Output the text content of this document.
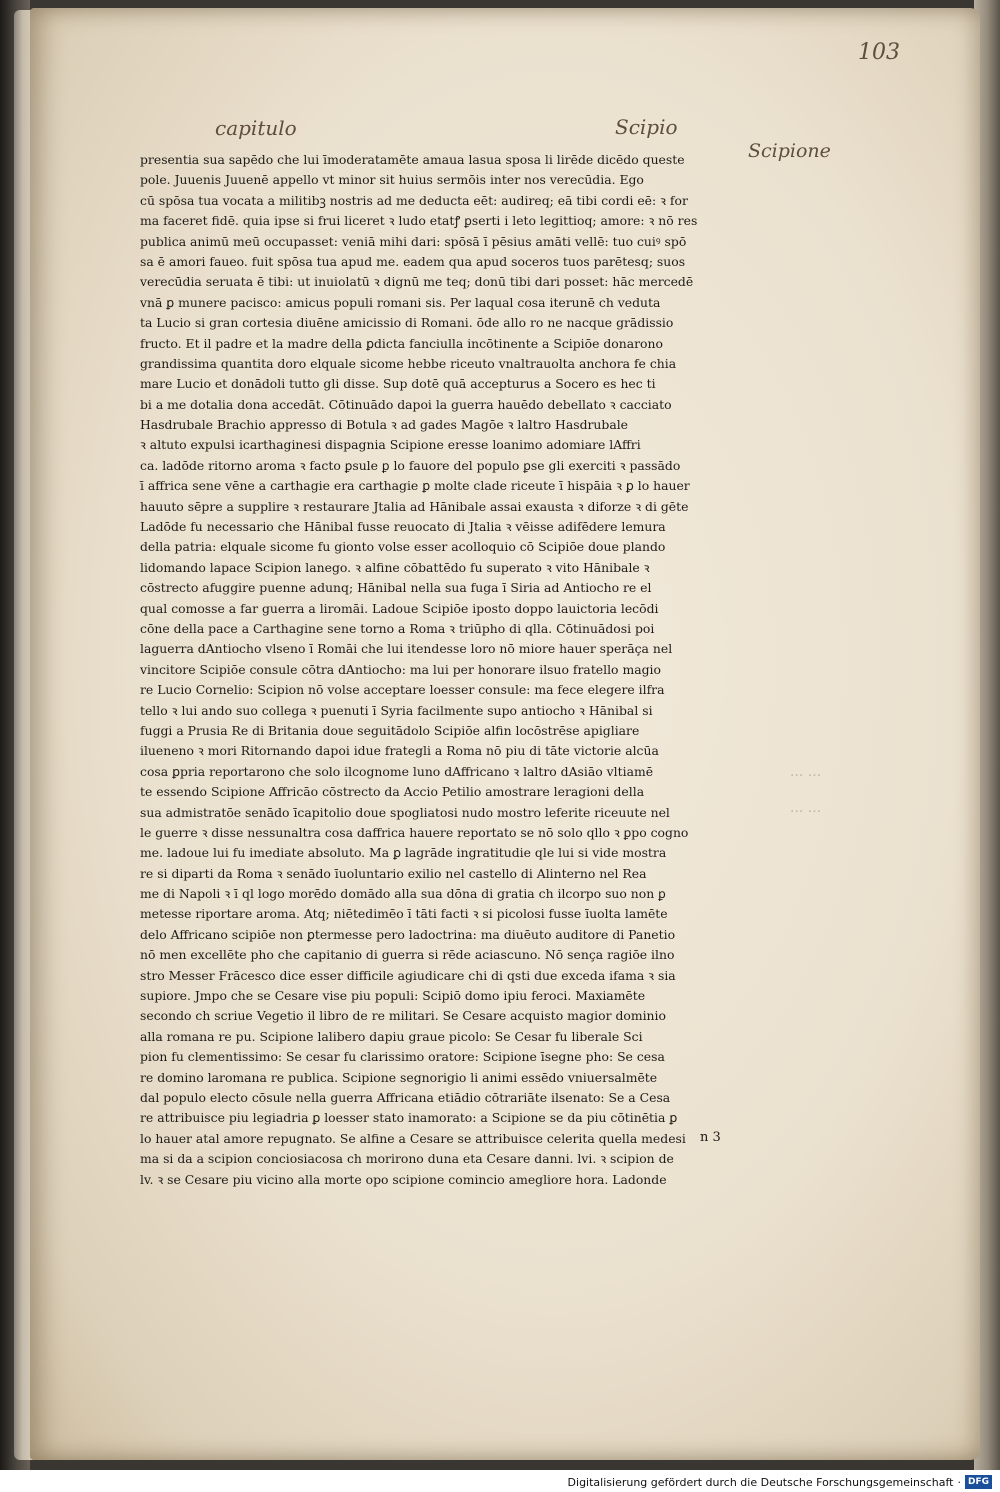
103
capitulo	Scipio
Scipione
... ...
... ...
presentia sua sapēdo che lui īmoderatamēte amaua lasua sposa li lirēde dicēdo queste
pole. Juuenis Juuenē appello vt minor sit huius sermōis inter nos verecūdia. Ego
cū spōsa tua vocata a militibꝫ nostris ad me deducta eēt: audireq; eā tibi cordi eē: ꝛ for
ma faceret fidē. quia ipse si frui liceret ꝛ ludo etatꝭ ꝑserti i leto legittioq; amore: ꝛ nō res
publica animū meū occupasset: veniā mihi dari: spōsā ī pēsius amāti vellē: tuo cuiꝰ spō
sa ē amori faueo. fuit spōsa tua apud me. eadem qua apud soceros tuos parētesq; suos
verecūdia seruata ē tibi: ut inuiolatū ꝛ dignū me teq; donū tibi dari posset: hāc mercedē
vnā ꝑ munere pacisco: amicus populi romani sis. Per laqual cosa iterunē ch veduta
ta Lucio si gran cortesia diuēne amicissio di Romani. ōde allo ro ne nacque grādissio
fructo. Et il padre et la madre della ꝑdicta fanciulla incōtinente a Scipiōe donarono
grandissima quantita doro elquale sicome hebbe riceuto vnaltrauolta anchora fe chia
mare Lucio et donādoli tutto gli disse. Sup dotē quā accepturus a Socero es hec ti
bi a me dotalia dona accedāt. Cōtinuādo dapoi la guerra hauēdo debellato ꝛ cacciato
Hasdrubale Brachio appresso di Botula ꝛ ad gades Magōe ꝛ laltro Hasdrubale
ꝛ altuto expulsi icarthaginesi dispagnia Scipione eresse loanimo adomiare lAffri
ca. ladōde ritorno aroma ꝛ facto ꝑsule ꝑ lo fauore del populo ꝑse gli exerciti ꝛ passādo
ī affrica sene vēne a carthagie era carthagie ꝑ molte clade riceute ī hispāia ꝛ ꝑ lo hauer
hauuto sēpre a supplire ꝛ restaurare Jtalia ad Hānibale assai exausta ꝛ diforze ꝛ di gēte
Ladōde fu necessario che Hānibal fusse reuocato di Jtalia ꝛ vēisse adifēdere lemura
della patria: elquale sicome fu gionto volse esser acolloquio cō Scipiōe doue plando
lidomando lapace Scipion lanego. ꝛ alfine cōbattēdo fu superato ꝛ vito Hānibale ꝛ
cōstrecto afuggire puenne adunq; Hānibal nella sua fuga ī Siria ad Antiocho re el
qual comosse a far guerra a liromāi. Ladoue Scipiōe iposto doppo lauictoria lecōdi
cōne della pace a Carthagine sene torno a Roma ꝛ triūpho di qlla. Cōtinuādosi poi
laguerra dAntiocho vlseno ī Romāi che lui itendesse loro nō miore hauer sperāça nel
vincitore Scipiōe consule cōtra dAntiocho: ma lui per honorare ilsuo fratello magio
re Lucio Cornelio: Scipion nō volse acceptare loesser consule: ma fece elegere ilfra
tello ꝛ lui ando suo collega ꝛ puenuti ī Syria facilmente supo antiocho ꝛ Hānibal si
fuggi a Prusia Re di Britania doue seguitādolo Scipiōe alfin locōstrēse apigliare
ilueneno ꝛ mori Ritornando dapoi idue frategli a Roma nō piu di tāte victorie alcūa
cosa ꝑpria reportarono che solo ilcognome luno dAffricano ꝛ laltro dAsiāo vltiamē
te essendo Scipione Affricāo cōstrecto da Accio Petilio amostrare leragioni della
sua admistratōe senādo īcapitolio doue spogliatosi nudo mostro leferite riceuute nel
le guerre ꝛ disse nessunaltra cosa daffrica hauere reportato se nō solo qllo ꝛ ꝑpo cogno
me. ladoue lui fu imediate absoluto. Ma ꝑ lagrāde ingratitudie qle lui si vide mostra
re si diparti da Roma ꝛ senādo īuoluntario exilio nel castello di Alinterno nel Rea
me di Napoli ꝛ ī ql logo morēdo domādo alla sua dōna di gratia ch ilcorpo suo non ꝑ
metesse riportare aroma. Atq; niētedimēo ī tāti facti ꝛ si picolosi fusse īuolta lamēte
delo Affricano scipiōe non ꝑtermesse pero ladoctrina: ma diuēuto auditore di Panetio
nō men excellēte pho che capitanio di guerra si rēde aciascuno. Nō sença ragiōe ilno
stro Messer Frācesco dice esser difficile agiudicare chi di qsti due exceda ifama ꝛ sia
supiore. Jmpo che se Cesare vise piu populi: Scipiō domo ipiu feroci. Maxiamēte
secondo ch scriue Vegetio il libro de re militari. Se Cesare acquisto magior dominio
alla romana re pu. Scipione lalibero dapiu graue picolo: Se Cesar fu liberale Sci
pion fu clementissimo: Se cesar fu clarissimo oratore: Scipione īsegne pho: Se cesa
re domino laromana re publica. Scipione segnorigio li animi essēdo vniuersalmēte
dal populo electo cōsule nella guerra Affricana etiādio cōtrariāte ilsenato: Se a Cesa
re attribuisce piu legiadria ꝑ loesser stato inamorato: a Scipione se da piu cōtinētia ꝑ
lo hauer atal amore repugnato. Se alfine a Cesare se attribuisce celerita quella medesi
ma si da a scipion conciosiacosa ch morirono duna eta Cesare danni. lvi. ꝛ scipion de
lv. ꝛ se Cesare piu vicino alla morte opo scipione comincio amegliore hora. Ladonde
n 3
Digitalisierung gefördert durch die Deutsche Forschungsgemeinschaft · DFG
